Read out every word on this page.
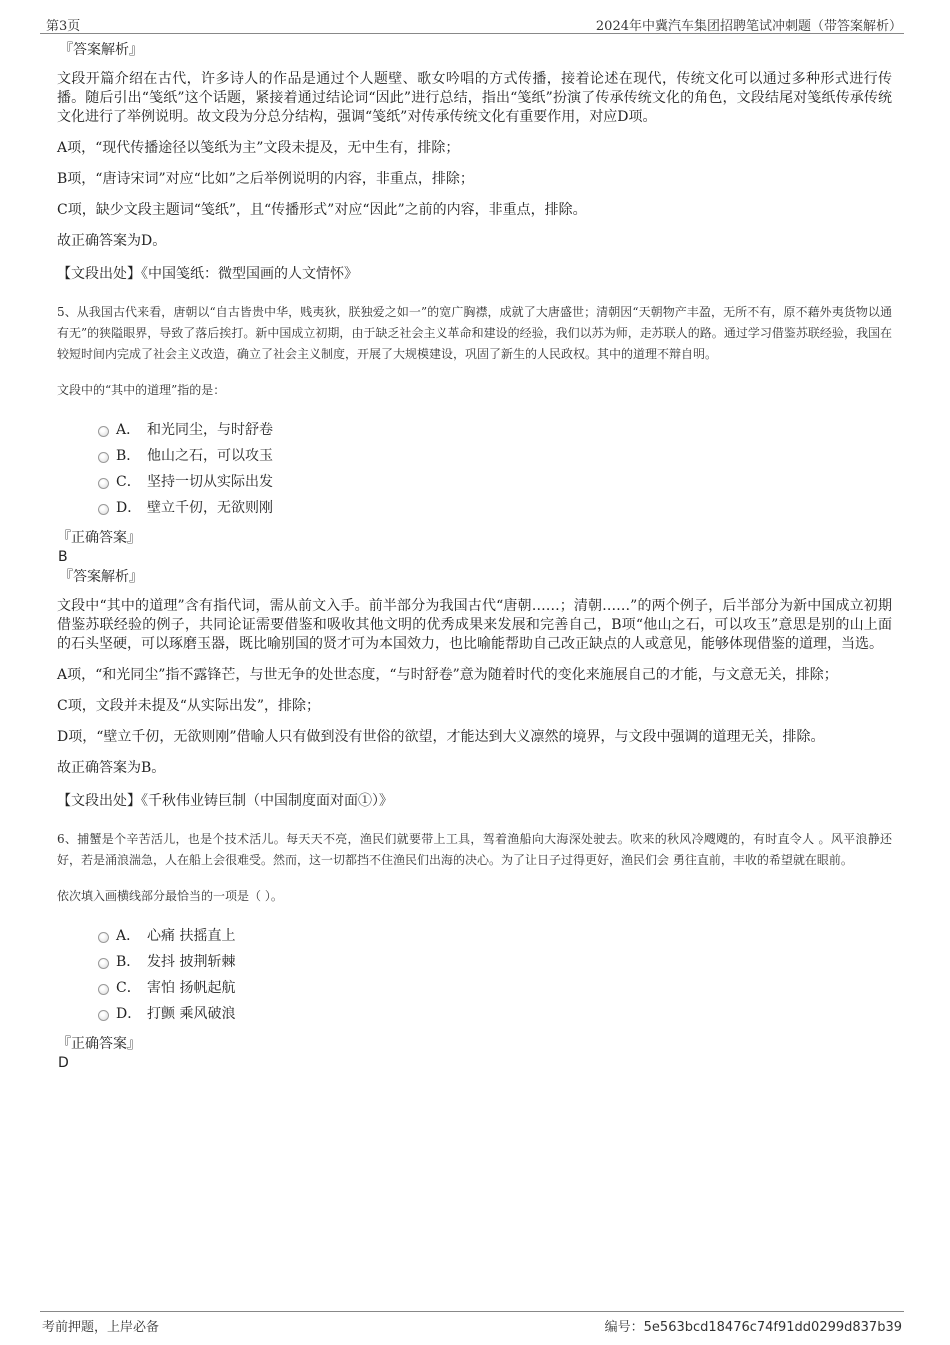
第3页	2024年中冀汽车集团招聘笔试冲刺题（带答案解析）
『答案解析』
文段开篇介绍在古代，许多诗人的作品是通过个人题壁、歌女吟唱的方式传播，接着论述在现代，传统文化可以通过多种形式进行传播。随后引出“笺纸”这个话题，紧接着通过结论词“因此”进行总结，指出“笺纸”扮演了传承传统文化的角色，文段结尾对笺纸传承传统文化进行了举例说明。故文段为分总分结构，强调“笺纸”对传承传统文化有重要作用，对应D项。
A项，“现代传播途径以笺纸为主”文段未提及，无中生有，排除；
B项，“唐诗宋词”对应“比如”之后举例说明的内容，非重点，排除；
C项，缺少文段主题词“笺纸”，且“传播形式”对应“因此”之前的内容，非重点，排除。
故正确答案为D。
【文段出处】《中国笺纸：微型国画的人文情怀》
5、从我国古代来看，唐朝以“自古皆贵中华，贱夷狄，朕独爱之如一”的宽广胸襟，成就了大唐盛世；清朝因“天朝物产丰盈，无所不有，原不藉外夷货物以通有无”的狭隘眼界，导致了落后挨打。新中国成立初期，由于缺乏社会主义革命和建设的经验，我们以苏为师，走苏联人的路。通过学习借鉴苏联经验，我国在较短时间内完成了社会主义改造，确立了社会主义制度，开展了大规模建设，巩固了新生的人民政权。其中的道理不辩自明。
文段中的“其中的道理”指的是：
A． 和光同尘，与时舒卷
B． 他山之石，可以攻玉
C． 坚持一切从实际出发
D． 壁立千仞，无欲则刚
『正确答案』
B
『答案解析』
文段中“其中的道理”含有指代词，需从前文入手。前半部分为我国古代“唐朝……；清朝……”的两个例子，后半部分为新中国成立初期借鉴苏联经验的例子，共同论证需要借鉴和吸收其他文明的优秀成果来发展和完善自己，B项“他山之石，可以攻玉”意思是别的山上面的石头坚硬，可以琢磨玉器，既比喻别国的贤才可为本国效力，也比喻能帮助自己改正缺点的人或意见，能够体现借鉴的道理，当选。
A项，“和光同尘”指不露锋芒，与世无争的处世态度，“与时舒卷”意为随着时代的变化来施展自己的才能，与文意无关，排除；
C项，文段并未提及“从实际出发”，排除；
D项，“壁立千仞，无欲则刚”借喻人只有做到没有世俗的欲望，才能达到大义凛然的境界，与文段中强调的道理无关，排除。
故正确答案为B。
【文段出处】《千秋伟业铸巨制（中国制度面对面①）》
6、捕蟹是个辛苦活儿，也是个技术活儿。每天天不亮，渔民们就要带上工具，驾着渔船向大海深处驶去。吹来的秋风冷飕飕的，有时直令人 。风平浪静还好，若是涌浪湍急，人在船上会很难受。然而，这一切都挡不住渔民们出海的决心。为了让日子过得更好，渔民们会 勇往直前，丰收的希望就在眼前。
依次填入画横线部分最恰当的一项是（ ）。
A． 心痛 扶摇直上
B． 发抖 披荆斩棘
C． 害怕 扬帆起航
D． 打颤 乘风破浪
『正确答案』
D
考前押题，上岸必备	编号：5e563bcd18476c74f91dd0299d837b39
